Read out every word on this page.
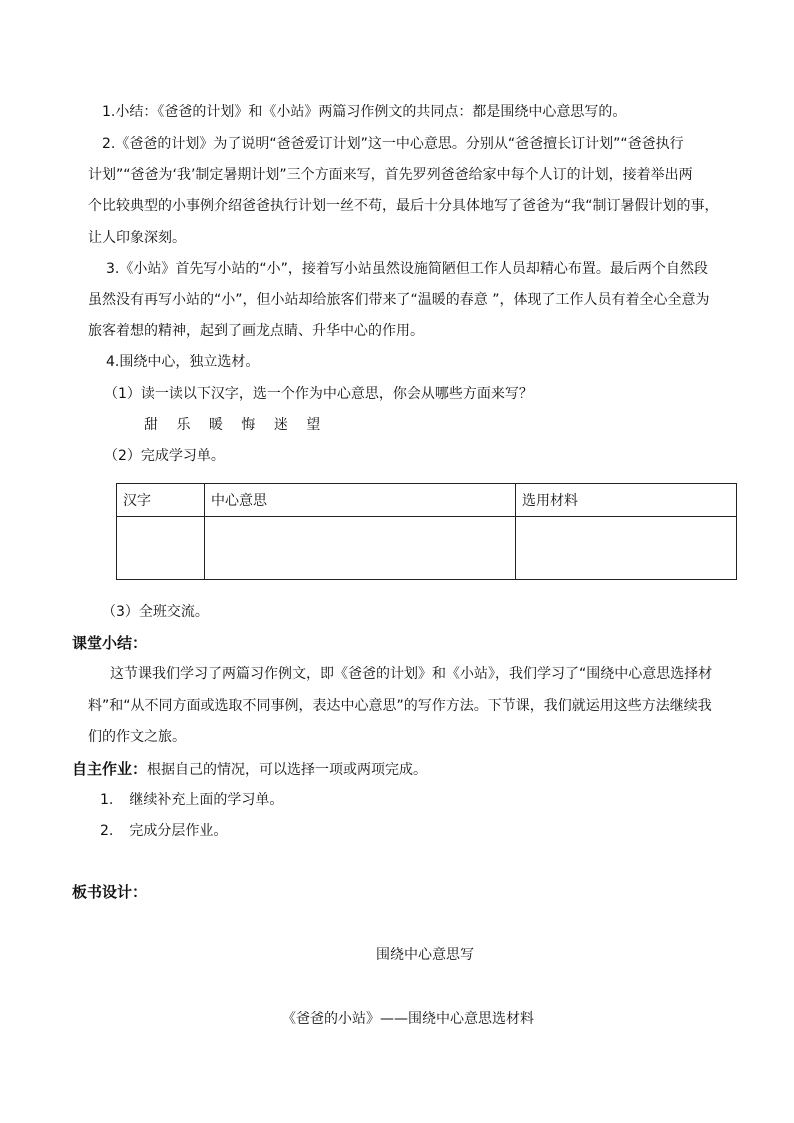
1.小结：《爸爸的计划》和《小站》两篇习作例文的共同点：都是围绕中心意思写的。
2.《爸爸的计划》为了说明“爸爸爱订计划”这一中心意思。分别从“爸爸擅长订计划”“爸爸执行
计划”“爸爸为‘我’制定暑期计划”三个方面来写，首先罗列爸爸给家中每个人订的计划，接着举出两
个比较典型的小事例介绍爸爸执行计划一丝不苟，最后十分具体地写了爸爸为“我“制订暑假计划的事，
让人印象深刻。
3.《小站》首先写小站的“小”，接着写小站虽然设施简陋但工作人员却精心布置。最后两个自然段
虽然没有再写小站的“小”，但小站却给旅客们带来了“温暖的春意 ”，体现了工作人员有着全心全意为
旅客着想的精神，起到了画龙点睛、升华中心的作用。
4.围绕中心，独立选材。
（1）读一读以下汉字，选一个作为中心意思，你会从哪些方面来写？
甜 乐 暖 悔 迷 望
（2）完成学习单。
汉字	中心意思	选用材料

（3）全班交流。
课堂小结：
这节课我们学习了两篇习作例文，即《爸爸的计划》和《小站》，我们学习了“围绕中心意思选择材
料”和“从不同方面或选取不同事例，表达中心意思”的写作方法。下节课，我们就运用这些方法继续我
们的作文之旅。
自主作业：根据自己的情况，可以选择一项或两项完成。
1. 继续补充上面的学习单。
2. 完成分层作业。
板书设计：
围绕中心意思写
《爸爸的小站》——围绕中心意思选材料
